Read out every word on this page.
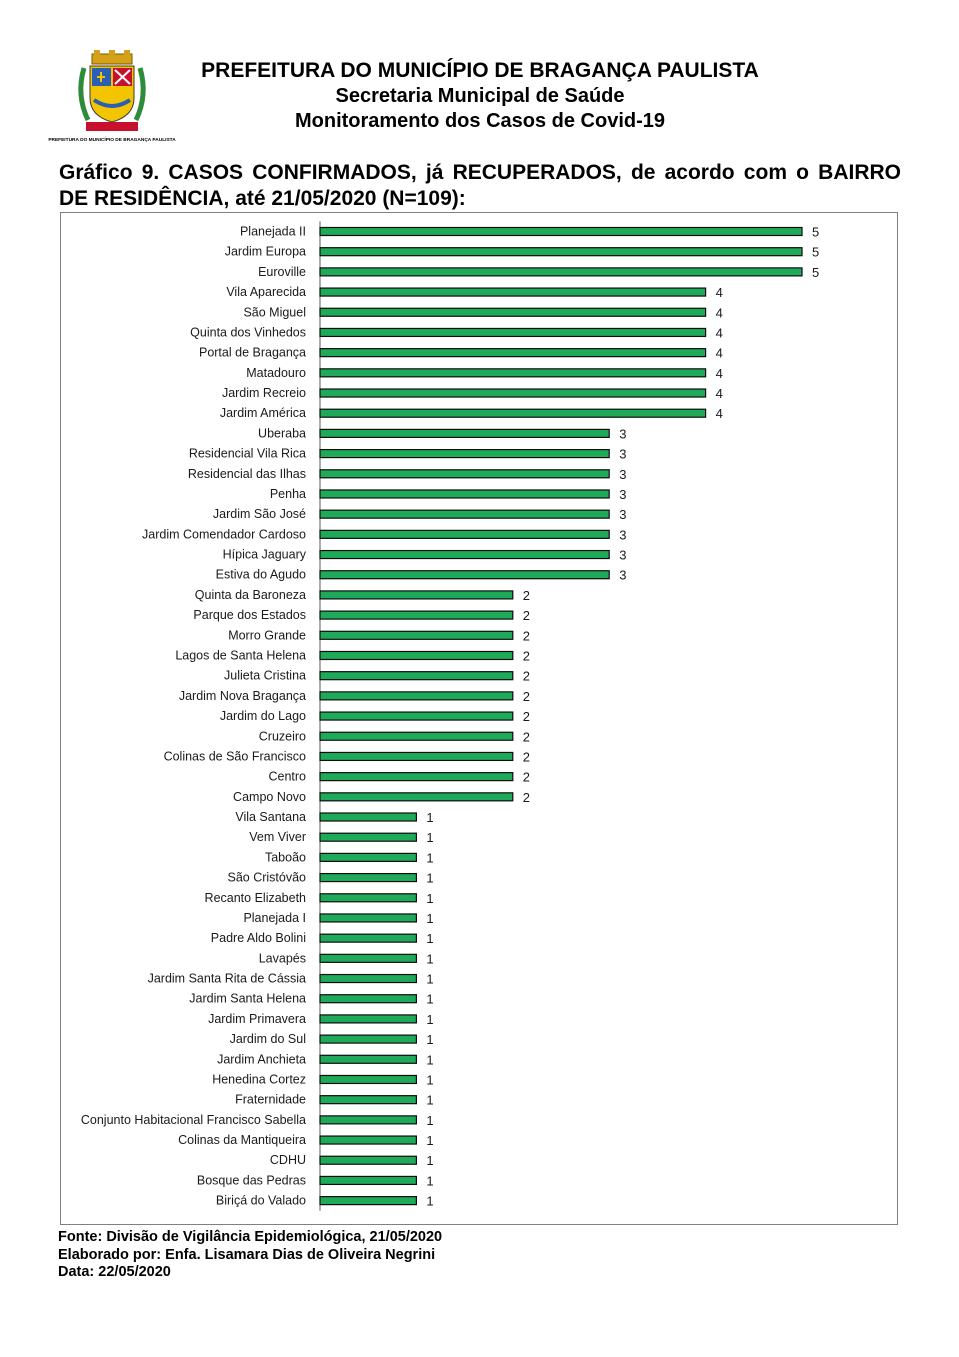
PREFEITURA DO MUNICÍPIO DE BRAGANÇA PAULISTA
PREFEITURA DO MUNICÍPIO DE BRAGANÇA PAULISTA
Secretaria Municipal de Saúde
Monitoramento dos Casos de Covid-19
Gráfico 9. CASOS CONFIRMADOS, já RECUPERADOS, de acordo com o BAIRRO DE RESIDÊNCIA, até 21/05/2020 (N=109):
Planejada II	5
Jardim Europa	5
Euroville	5
Vila Aparecida	4
São Miguel	4
Quinta dos Vinhedos	4
Portal de Bragança	4
Matadouro	4
Jardim Recreio	4
Jardim América	4
Uberaba	3
Residencial Vila Rica	3
Residencial das Ilhas	3
Penha	3
Jardim São José	3
Jardim Comendador Cardoso	3
Hípica Jaguary	3
Estiva do Agudo	3
Quinta da Baroneza	2
Parque dos Estados	2
Morro Grande	2
Lagos de Santa Helena	2
Julieta Cristina	2
Jardim Nova Bragança	2
Jardim do Lago	2
Cruzeiro	2
Colinas de São Francisco	2
Centro	2
Campo Novo	2
Vila Santana	1
Vem Viver	1
Taboão	1
São Cristóvão	1
Recanto Elizabeth	1
Planejada I	1
Padre Aldo Bolini	1
Lavapés	1
Jardim Santa Rita de Cássia	1
Jardim Santa Helena	1
Jardim Primavera	1
Jardim do Sul	1
Jardim Anchieta	1
Henedina Cortez	1
Fraternidade	1
Conjunto Habitacional Francisco Sabella	1
Colinas da Mantiqueira	1
CDHU	1
Bosque das Pedras	1
Biriçá do Valado	1
Fonte: Divisão de Vigilância Epidemiológica, 21/05/2020
Elaborado por: Enfa. Lisamara Dias de Oliveira Negrini
Data: 22/05/2020
